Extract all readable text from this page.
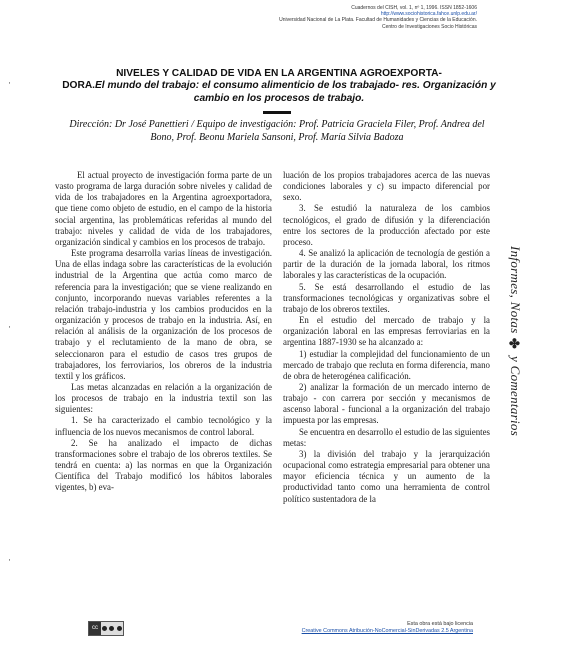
Cuadernos del CISH, vol. 1, nº 1, 1996. ISSN 1852-1606
http://www.sociohistorica.fahce.unlp.edu.ar/
Universidad Nacional de La Plata. Facultad de Humanidades y Ciencias de la Educación.
Centro de Investigaciones Socio Históricas
·
·
·
NIVELES Y CALIDAD DE VIDA EN LA ARGENTINA AGROEXPORTA-
DORA.El mundo del trabajo: el consumo alimenticio de los trabajado- res. Organización y cambio en los procesos de trabajo.
Dirección: Dr José Panettieri / Equipo de investigación: Prof. Patricia Graciela Filer, Prof. Andrea del Bono, Prof. Beonu Mariela Sansoni, Prof. María Silvia Badoza

El actual proyecto de investigación forma parte de un vasto programa de larga duración sobre niveles y calidad de vida de los trabajadores en la Argentina agroexportadora, que tiene como objeto de estudio, en el campo de la historia social argentina, las problemáticas referidas al mundo del trabajo: niveles y calidad de vida de los trabajadores, organización sindical y cambios en los procesos de trabajo.

Este programa desarrolla varias líneas de investigación. Una de ellas indaga sobre las características de la evolución industrial de la Argentina que actúa como marco de referencia para la investigación; que se viene realizando en conjunto, incorporando nuevas variables referentes a la relación trabajo-industria y los cambios producidos en la organización y procesos de trabajo en la industria. Así, en relación al análisis de la organización de los procesos de trabajo y el reclutamiento de la mano de obra, se seleccionaron para el estudio de casos tres grupos de trabajadores, los ferroviarios, los obreros de la industria textil y los gráficos.

Las metas alcanzadas en relación a la organización de los procesos de trabajo en la industria textil son las siguientes:

1. Se ha caracterizado el cambio tecnológico y la influencia de los nuevos mecanismos de control laboral.

2. Se ha analizado el impacto de dichas transformaciones sobre el trabajo de los obreros textiles. Se tendrá en cuenta: a) las normas en que la Organización Científica del Trabajo modificó los hábitos laborales vigentes, b) eva-

luación de los propios trabajadores acerca de las nuevas condiciones laborales y c) su impacto diferencial por sexo.

3. Se estudió la naturaleza de los cambios tecnológicos, el grado de difusión y la diferenciación entre los sectores de la producción afectado por este proceso.

4. Se analizó la aplicación de tecnología de gestión a partir de la duración de la jornada laboral, los ritmos laborales y las características de la ocupación.

5. Se está desarrollando el estudio de las transformaciones tecnológicas y organizativas sobre el trabajo de los obreros textiles.

En el estudio del mercado de trabajo y la organización laboral en las empresas ferroviarias en la argentina 1887-1930 se ha alcanzado a:

1) estudiar la complejidad del funcionamiento de un mercado de trabajo que recluta en forma diferencia, mano de obra de heterogénea calificación.

2) analizar la formación de un mercado interno de trabajo - con carrera por sección y mecanismos de ascenso laboral - funcional a la organización del trabajo impuesta por las empresas.

Se encuentra en desarrollo el estudio de las siguientes metas:

3) la división del trabajo y la jerarquización ocupacional como estrategia empresarial para obtener una mayor eficiencia técnica y un aumento de la productividad tanto como una herramienta de control político sustentadora de la

Informes, Notas ✤ y Comentarios
cc
Esta obra está bajo licencia
Creative Commons Atribución-NoComercial-SinDerivadas 2.5 Argentina
